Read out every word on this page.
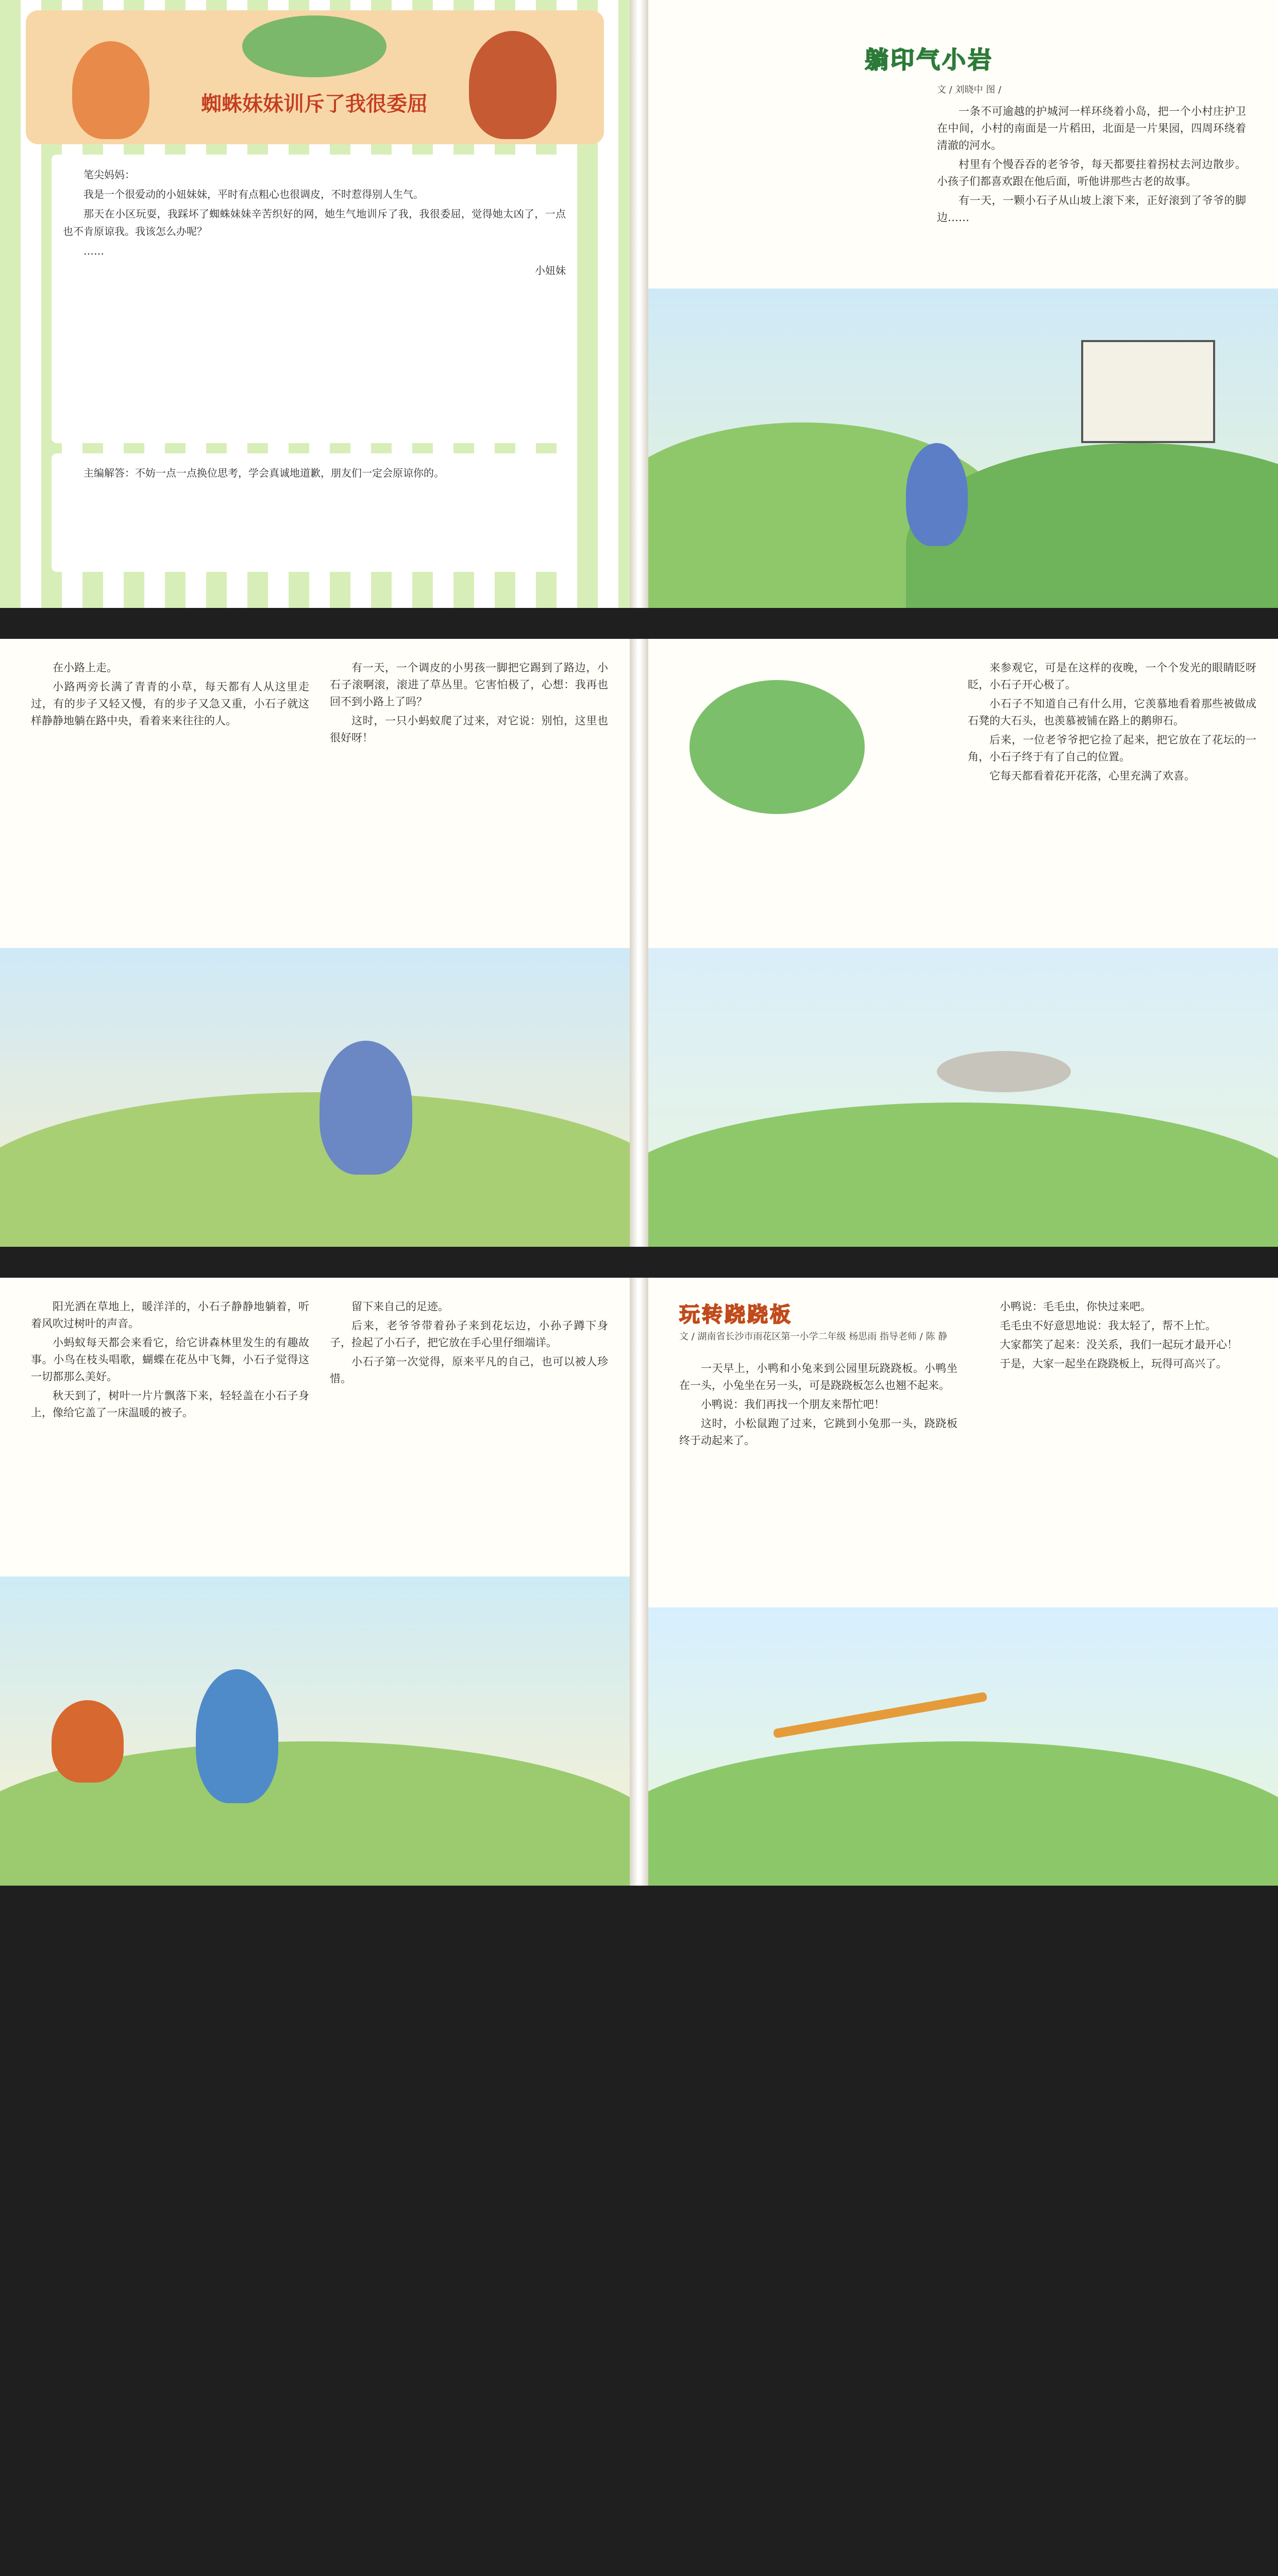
蜘蛛妹妹训斥了我很委屈

笔尖妈妈：

我是一个很爱动的小妞妹妹，平时有点粗心也很调皮，不时惹得别人生气。

那天在小区玩耍，我踩坏了蜘蛛妹妹辛苦织好的网，她生气地训斥了我，我很委屈，觉得她太凶了，一点也不肯原谅我。我该怎么办呢？

……

小妞妹

主编解答：不妨一点一点换位思考，学会真诚地道歉，朋友们一定会原谅你的。

躺印气小岩
文 / 刘晓中 图 /

一条不可逾越的护城河一样环绕着小岛，把一个小村庄护卫在中间，小村的南面是一片稻田，北面是一片果园，四周环绕着清澈的河水。

村里有个慢吞吞的老爷爷，每天都要拄着拐杖去河边散步。小孩子们都喜欢跟在他后面，听他讲那些古老的故事。

有一天，一颗小石子从山坡上滚下来，正好滚到了爷爷的脚边……

在小路上走。

小路两旁长满了青青的小草，每天都有人从这里走过，有的步子又轻又慢，有的步子又急又重，小石子就这样静静地躺在路中央，看着来来往往的人。

有一天，一个调皮的小男孩一脚把它踢到了路边，小石子滚啊滚，滚进了草丛里。它害怕极了，心想：我再也回不到小路上了吗？

这时，一只小蚂蚁爬了过来，对它说：别怕，这里也很好呀！

来参观它，可是在这样的夜晚，一个个发光的眼睛眨呀眨，小石子开心极了。

小石子不知道自己有什么用，它羡慕地看着那些被做成石凳的大石头，也羡慕被铺在路上的鹅卵石。

后来，一位老爷爷把它捡了起来，把它放在了花坛的一角，小石子终于有了自己的位置。

它每天都看着花开花落，心里充满了欢喜。

阳光洒在草地上，暖洋洋的，小石子静静地躺着，听着风吹过树叶的声音。

小蚂蚁每天都会来看它，给它讲森林里发生的有趣故事。小鸟在枝头唱歌，蝴蝶在花丛中飞舞，小石子觉得这一切都那么美好。

秋天到了，树叶一片片飘落下来，轻轻盖在小石子身上，像给它盖了一床温暖的被子。

留下来自己的足迹。

后来，老爷爷带着孙子来到花坛边，小孙子蹲下身子，捡起了小石子，把它放在手心里仔细端详。

小石子第一次觉得，原来平凡的自己，也可以被人珍惜。

玩转跷跷板
文 / 湖南省长沙市雨花区第一小学二年级 杨思雨 指导老师 / 陈 静

一天早上，小鸭和小兔来到公园里玩跷跷板。小鸭坐在一头，小兔坐在另一头，可是跷跷板怎么也翘不起来。

小鸭说：我们再找一个朋友来帮忙吧！

这时，小松鼠跑了过来，它跳到小兔那一头，跷跷板终于动起来了。

小鸭说：毛毛虫，你快过来吧。

毛毛虫不好意思地说：我太轻了，帮不上忙。

大家都笑了起来：没关系，我们一起玩才最开心！

于是，大家一起坐在跷跷板上，玩得可高兴了。
